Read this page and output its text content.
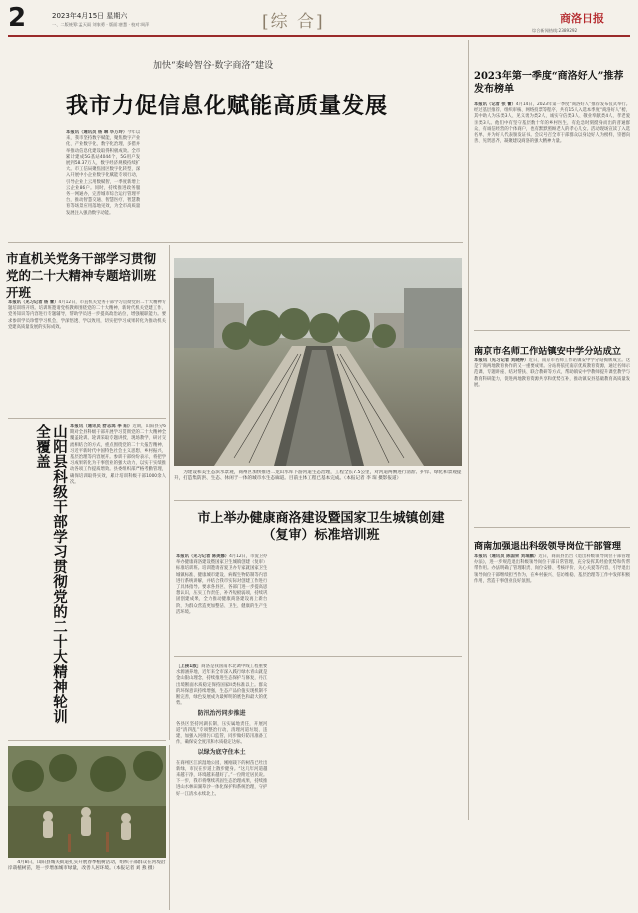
2	2023年4月15日 星期六
一、二版统筹:孟天雨 刘家勇 · 版面:唐慧 · 校对:周萍	[综 合]	商洛日报
综合新闻热线:2389292
加快“秦岭智谷·数字商洛”建设
我市力促信息化赋能高质量发展
本报讯（通讯员 杨 琳 毕万玲）今年以来，我市坚持数字赋能，聚焦数字产业化、产业数字化、数字化治理，多措并举推动信息化建设取得积极成效。全市累计建成5G基站4044个，5G用户发展到58.37万人，数字经济规模持续扩大。市工信局聚焦园区数字化转型，深入开展中小企业数字化赋能专项行动，引导企业上云用数赋智，一季度新增上云企业86户。同时，持续推进政务服务一网通办，完善城市综合运行管理平台，推动智慧交通、智慧医疗、智慧教育等场景应用落地见效，为全市高质量发展注入强劲数字动能。
2023年第一季度“商洛好人”推荐发布榜单
本报讯（记者 张 蕾）4月14日，2023年第一季度“商洛好人”推荐发布仪式举行。经过基层推荐、组织审核、网络投票等程序，共有15人入选本季度“商洛好人”榜，其中助人为乐类3人、见义勇为类2人、诚实守信类3人、敬业奉献类4人、孝老爱亲类3人。他们中有坚守基层数十年的乡村医生，有危急时刻挺身而出的普通群众，有诚信经营的个体商户，也有默默照顾老人的孝心儿女。活动现场宣读了入选名单，并为好人代表颁发证书。会议号召全市干部群众以身边好人为榜样，崇德向善、见贤思齐，凝聚建设商洛的强大精神力量。
南京市名师工作站镇安中学分站成立
本报讯（见习记者 刘晓婷）近日，南京市名师工作站镇安中学分站揭牌成立。这是宁商两地教育协作的又一重要成果。分站将依托南京优质教育资源，通过名师示范课、专题讲座、结对帮扶、联合教研等方式，帮助镇安中学教师提升课堂教学与教育科研能力，促进两地教育资源共享和优势互补，推动镇安县基础教育高质量发展。
商南加强退出科级领导岗位干部管理
本报讯（通讯员 陈国荣 刘瑞鹏）近日，商南县出台《退出科级领导岗位干部管理办法》，进一步规范退出科级领导岗位干部日常管理，充分发挥其经验优势和传帮带作用。办法明确了管理职责、岗位安排、考核评价、关心关爱等内容，引导退出领导岗位干部继续担当作为，在乡村振兴、信访维稳、基层治理等工作中发挥积极作用，营造干事创业良好氛围。
市直机关党务干部学习贯彻党的二十大精神专题培训班开班
本报讯（见习记者 杨 蕾）4月12日，市直机关党务干部学习贯彻党的二十大精神专题培训班开班。培训班邀请党校教师围绕党的二十大精神、新时代机关党建工作、党务知识等内容进行专题辅导，帮助学员进一步提高政治站位，增强履职能力。要求参训学员珍惜学习机会，学深悟透、学以致用，切实把学习成果转化为推动机关党建高质量发展的实际成效。
山阳县科级干部学习贯彻党的二十大精神轮训全覆盖	本报讯（通讯员 舒志鸿 李 阳）近期，山阳县分6期对全县科级干部开展学习贯彻党的二十大精神全覆盖轮训。轮训采取专题讲授、现场教学、研讨交流相结合的方式，重点围绕党的二十大报告精神、习近平新时代中国特色社会主义思想、乡村振兴、基层治理等内容展开。参训干部纷纷表示，将把学习成果转化为干事创业的强大动力，以实干实绩推动各项工作提质增效。县委组织部严格考勤管理，确保培训取得实效，累计培训科级干部1000余人次。
　　为建设和美生态滨水景观，商州区加快推进二龙山水库下游河道生态治理，工程全长7.5公里，对河道两侧进行清淤、护岸、绿化和景观提升，打造集防洪、生态、休闲于一体的城市水生态廊道。目前主体工程已基本完成。（本报记者 李 琛 摄影报道）
市上举办健康商洛建设暨国家卫生城镇创建（复审）标准培训班
本报讯（见习记者 陈美娜）4月12日，市爱卫办举办健康商洛建设暨国家卫生城镇创建（复审）标准培训班。培训邀请省爱卫办专家就国家卫生城镇标准、健康城市建设、病媒生物防制等内容进行系统讲解，并结合我市实际对创建工作进行了具体指导。要求各县区、各部门进一步提高思想认识，压实工作责任，补齐短板弱项，持续巩固创建成果，全力推动健康商洛建设再上新台阶，为群众营造更加整洁、卫生、健康的生产生活环境。
　　4月8日，山阳县城关街道扎实开展春季植树活动，组织干部群众在河堤沿岸栽植树苗，进一步增加城市绿量，改善人居环境。（本报记者 刘 燕 摄）
［上接1版］商洛是我国南水北调中线工程重要水源涵养地，近年来全市深入践行绿水青山就是金山银山理念，持续推进生态保护与修复，丹江出境断面水质稳定保持国家II类标准以上。群众的环保意识持续增强，生态产品价值实现机制不断完善，绿色发展成为最鲜明的底色和最大的优势。
防汛治污同步推进
各县区坚持河湖长制，压实属地责任，开展河道“清四乱”专项整治行动，清理河道垃圾、违建，加强入河排污口监管，同步做好防汛准备工作，确保安全度汛和水质稳定达标。
以绿为底守住本土
在商州区江滨湿地公园，刚刚栽下的树苗已吐出新绿，市民在步道上散步健身。“这几年河道越来越干净，环境越来越好了。”一位附近居民说。下一步，我市将继续巩固生态治理成果，持续推进山水林田湖草沙一体化保护和系统治理，守护好一江清水永续北上。
